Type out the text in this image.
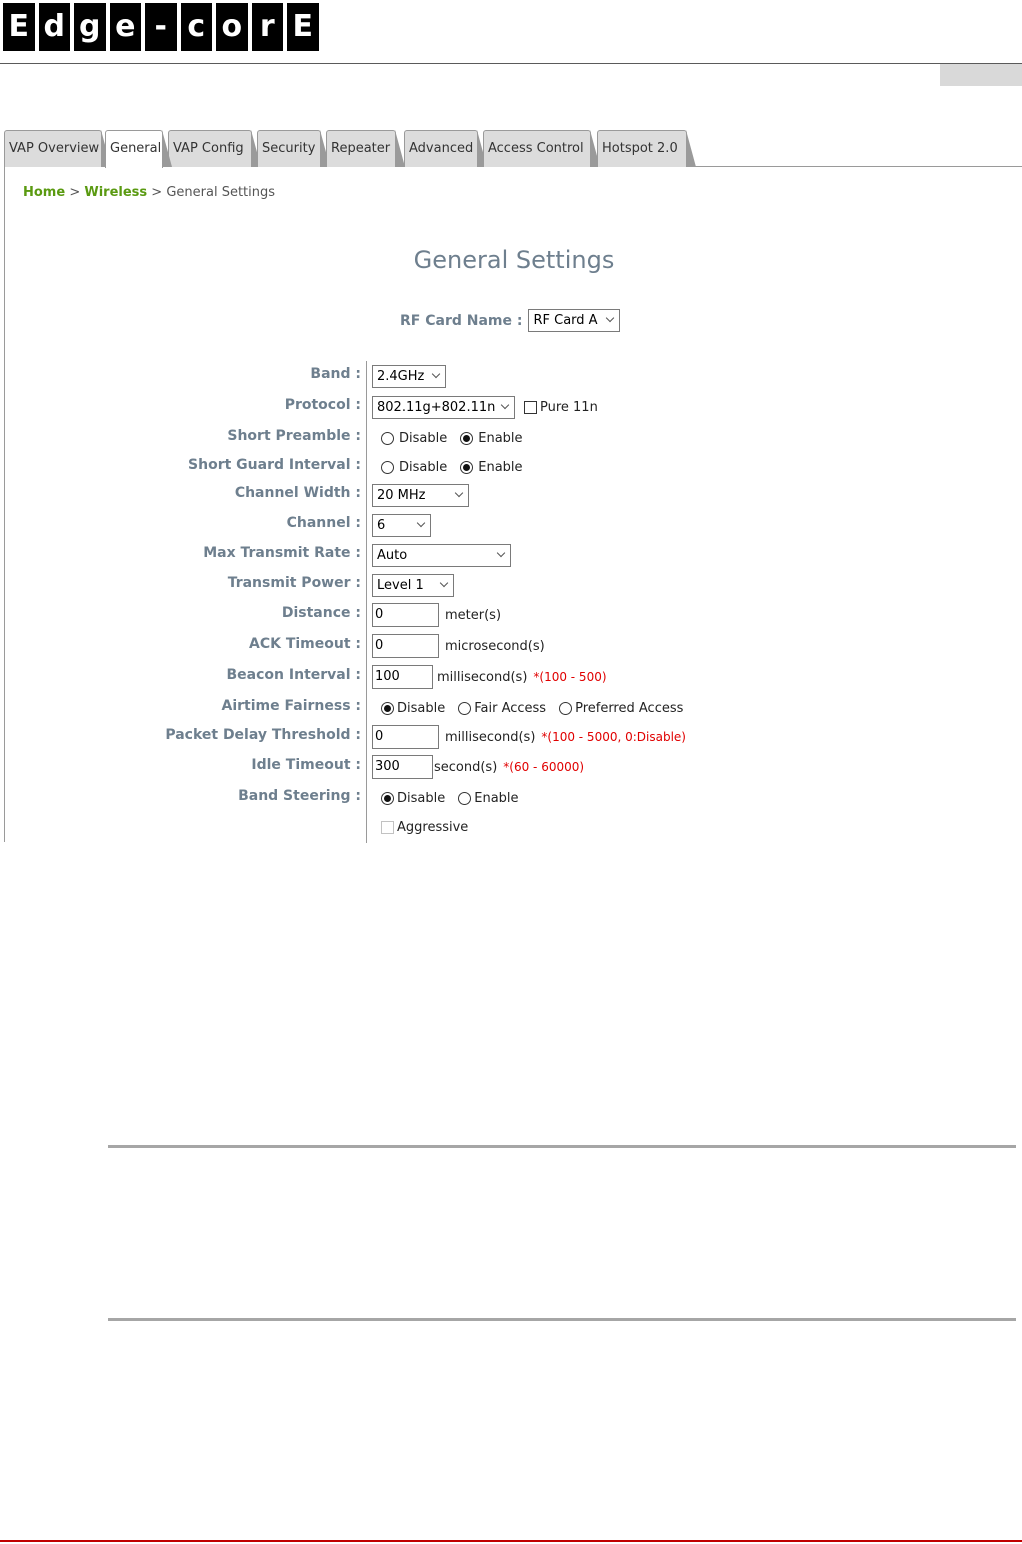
E d g e - c o r E
VAP Overview General VAP Config	Security	Repeater	Advanced	Access Control	Hotspot 2.0
Home > Wireless > General Settings
General Settings
RF Card Name : RF Card A
Band :	2.4GHz
Protocol :	802.11g+802.11n	Pure 11n
Short Preamble :	Disable Enable
Short Guard Interval :	Disable Enable
Channel Width :	20 MHz
Channel :	6
Max Transmit Rate :	Auto
Transmit Power :	Level 1
Distance : 0	meter(s)
ACK Timeout : 0	microsecond(s)
Beacon Interval : 100	millisecond(s) *(100 - 500)
Airtime Fairness :	Disable Fair Access Preferred Access
Packet Delay Threshold : 0	millisecond(s) *(100 - 5000, 0:Disable)
Idle Timeout : 300	second(s) *(60 - 60000)
Band Steering :	Disable Enable
Aggressive
